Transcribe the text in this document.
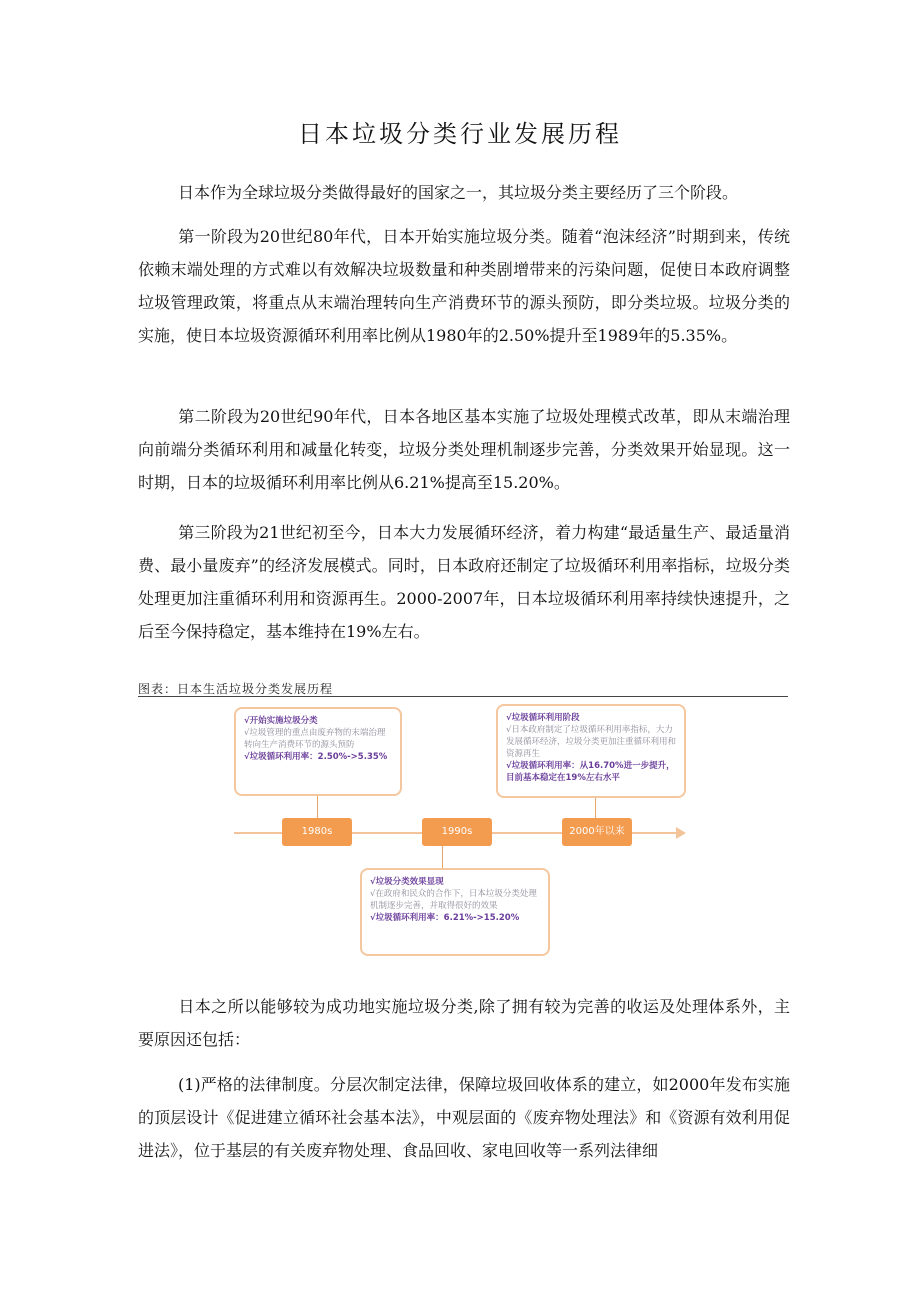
日本垃圾分类行业发展历程

日本作为全球垃圾分类做得最好的国家之一，其垃圾分类主要经历了三个阶段。

第一阶段为20世纪80年代，日本开始实施垃圾分类。随着“泡沫经济”时期到来，传统依赖末端处理的方式难以有效解决垃圾数量和种类剧增带来的污染问题，促使日本政府调整垃圾管理政策，将重点从末端治理转向生产消费环节的源头预防，即分类垃圾。垃圾分类的实施，使日本垃圾资源循环利用率比例从1980年的2.50%提升至1989年的5.35%。

第二阶段为20世纪90年代，日本各地区基本实施了垃圾处理模式改革，即从末端治理向前端分类循环利用和减量化转变，垃圾分类处理机制逐步完善，分类效果开始显现。这一时期，日本的垃圾循环利用率比例从6.21%提高至15.20%。

第三阶段为21世纪初至今，日本大力发展循环经济，着力构建“最适量生产、最适量消费、最小量废弃”的经济发展模式。同时，日本政府还制定了垃圾循环利用率指标，垃圾分类处理更加注重循环利用和资源再生。2000-2007年，日本垃圾循环利用率持续快速提升，之后至今保持稳定，基本维持在19%左右。

图表：日本生活垃圾分类发展历程
1980s	1990s	2000年以来
√开始实施垃圾分类
√垃圾管理的重点由废弃物的末端治理转向生产消费环节的源头预防
√垃圾循环利用率：2.50%->5.35%
√垃圾分类效果显现
√在政府和民众的合作下，日本垃圾分类处理机制逐步完善，并取得很好的效果
√垃圾循环利用率：6.21%->15.20%
√垃圾循环利用阶段
√日本政府制定了垃圾循环利用率指标，大力发展循环经济，垃圾分类更加注重循环利用和资源再生
√垃圾循环利用率：从16.70%进一步提升，目前基本稳定在19%左右水平

日本之所以能够较为成功地实施垃圾分类,除了拥有较为完善的收运及处理体系外，主要原因还包括：

(1)严格的法律制度。分层次制定法律，保障垃圾回收体系的建立，如2000年发布实施的顶层设计《促进建立循环社会基本法》，中观层面的《废弃物处理法》和《资源有效利用促进法》，位于基层的有关废弃物处理、食品回收、家电回收等一系列法律细
